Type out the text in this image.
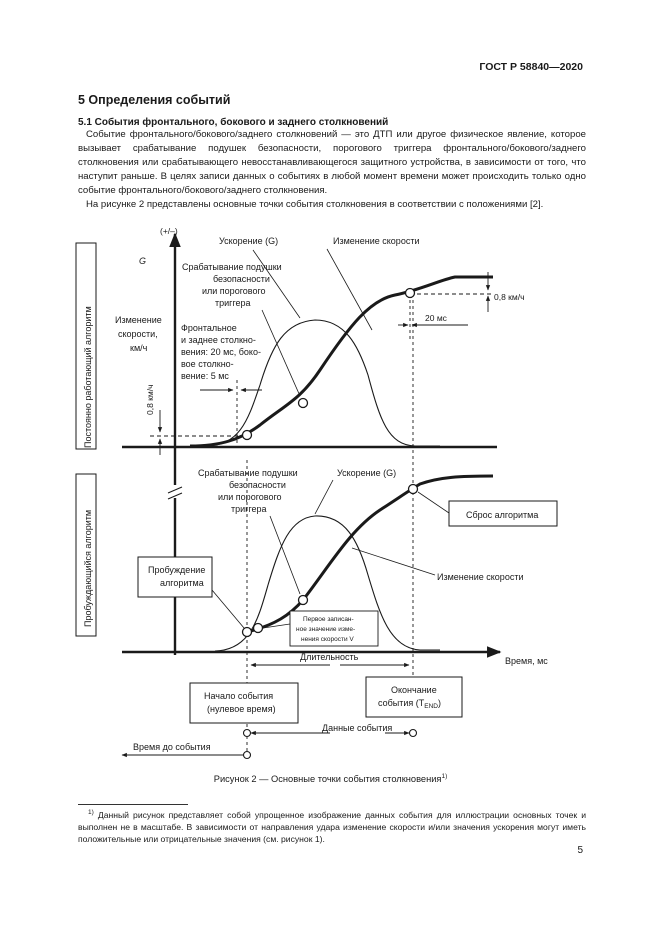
ГОСТ Р 58840—2020
5 Определения событий
5.1 События фронтального, бокового и заднего столкновений
Событие фронтального/бокового/заднего столкновений — это ДТП или другое физическое явление, которое вызывает срабатывание подушек безопасности, порогового триггера фронтального/бокового/заднего столкновения или срабатывающего невосстанавливающегося защитного устройства, в зависимости от того, что наступит раньше. В целях записи данных о событиях в любой момент времени может происходить только одно событие фронтального/бокового/заднего столкновения.
На рисунке 2 представлены основные точки события столкновения в соответствии с положениями [2].
Постоянно работающий алгоритм
(+/–)
G
Изменение
скорости,
км/ч
0,8 км/ч
20 мс
0,8 км/ч
Ускорение (G)	Изменение скорости
Срабатывание подушки
безопасности
или порогового
триггера
Фронтальное
и заднее столкно-
вения: 20 мс, боко-
вое столкно-
вение: 5 мс
Пробуждающийся алгоритм
Время, мс
Срабатывание подушки
безопасности
или порогового
триггера
Ускорение (G)
Сброс алгоритма
Пробуждение
алгоритма
Изменение скорости
Первое записан-
ное значение изме-
нения скорости V
Длительность
Начало события
(нулевое время)
Окончание
события $(T_{END})$
Данные события
Время до события
Рисунок 2 — Основные точки события столкновения$^{1)}$
$^{1)}$ Данный рисунок представляет собой упрощенное изображение данных события для иллюстрации основных точек и выполнен не в масштабе. В зависимости от направления удара изменение скорости и/или значения ускорения могут иметь положительные или отрицательные значения (см. рисунок 1).
5
